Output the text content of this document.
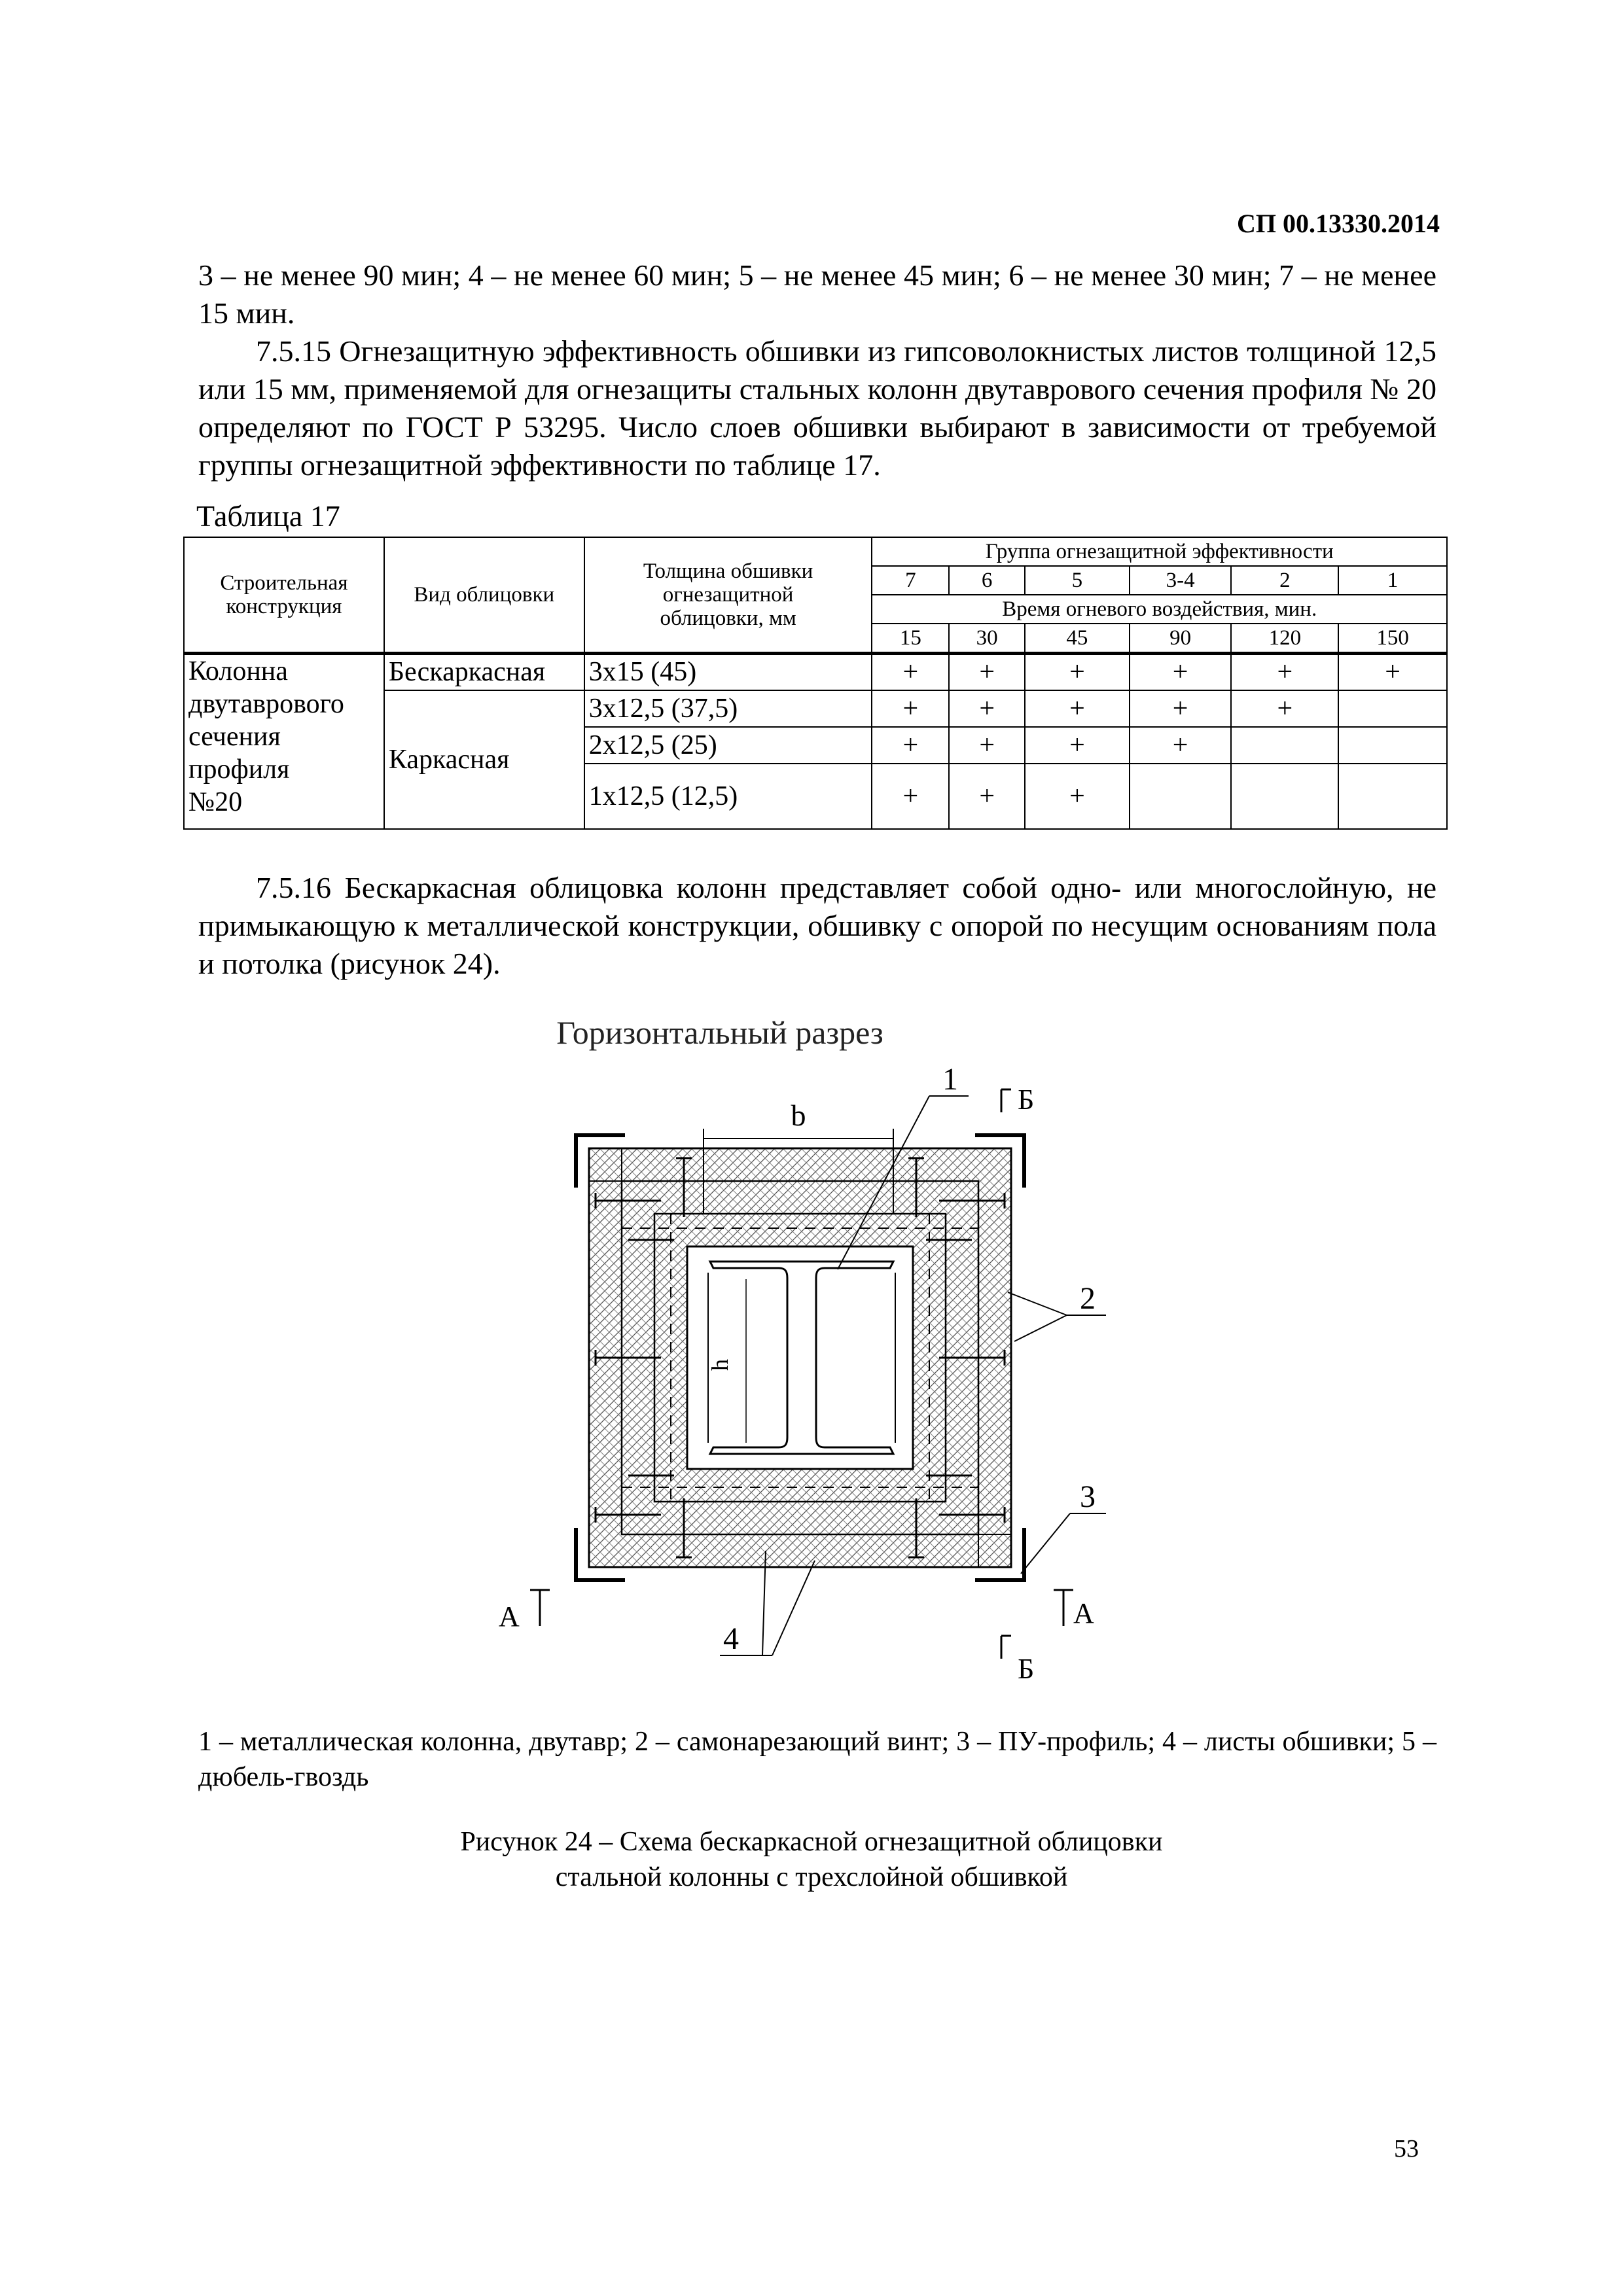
СП 00.13330.2014

3 – не менее 90 мин; 4 – не менее 60 мин; 5 – не менее 45 мин; 6 – не менее 30 мин; 7 – не менее 15 мин.

7.5.15 Огнезащитную эффективность обшивки из гипсоволокнистых листов толщиной 12,5 или 15 мм, применяемой для огнезащиты стальных колонн двутаврового сечения профиля № 20 определяют по ГОСТ Р 53295. Число слоев обшивки выбирают в зависимости от требуемой группы огнезащитной эффективности по таблице 17.

Таблица 17
Строительная конструкция	Вид облицовки	Толщина обшивки огнезащитной облицовки, мм	Группа огнезащитной эффективности					
			7	6	5	3-4	2	1
			Время огневого воздействия, мин.					
			15	30	45	90	120	150

Колонна
двутаврового
сечения
профиля
№20	Бескаркасная	3х15 (45)	+	+	+	+	+	+
	Каркасная	3х12,5 (37,5)	+	+	+	+	+	
		2х12,5 (25)	+	+	+	+		
		1х12,5 (12,5)	+	+	+			

7.5.16 Бескаркасная облицовка колонн представляет собой одно- или многослойную, не примыкающую к металлической конструкции, обшивку с опорой по несущим основаниям пола и потолка (рисунок 24).

Горизонтальный разрез
h
b
1
2
3
4
Б
Б
А	А
1 – металлическая колонна, двутавр; 2 – самонарезающий винт; 3 – ПУ-профиль; 4 – листы обшивки; 5 – дюбель-гвоздь
Рисунок 24 – Схема бескаркасной огнезащитной облицовки
стальной колонны с трехслойной обшивкой
53
